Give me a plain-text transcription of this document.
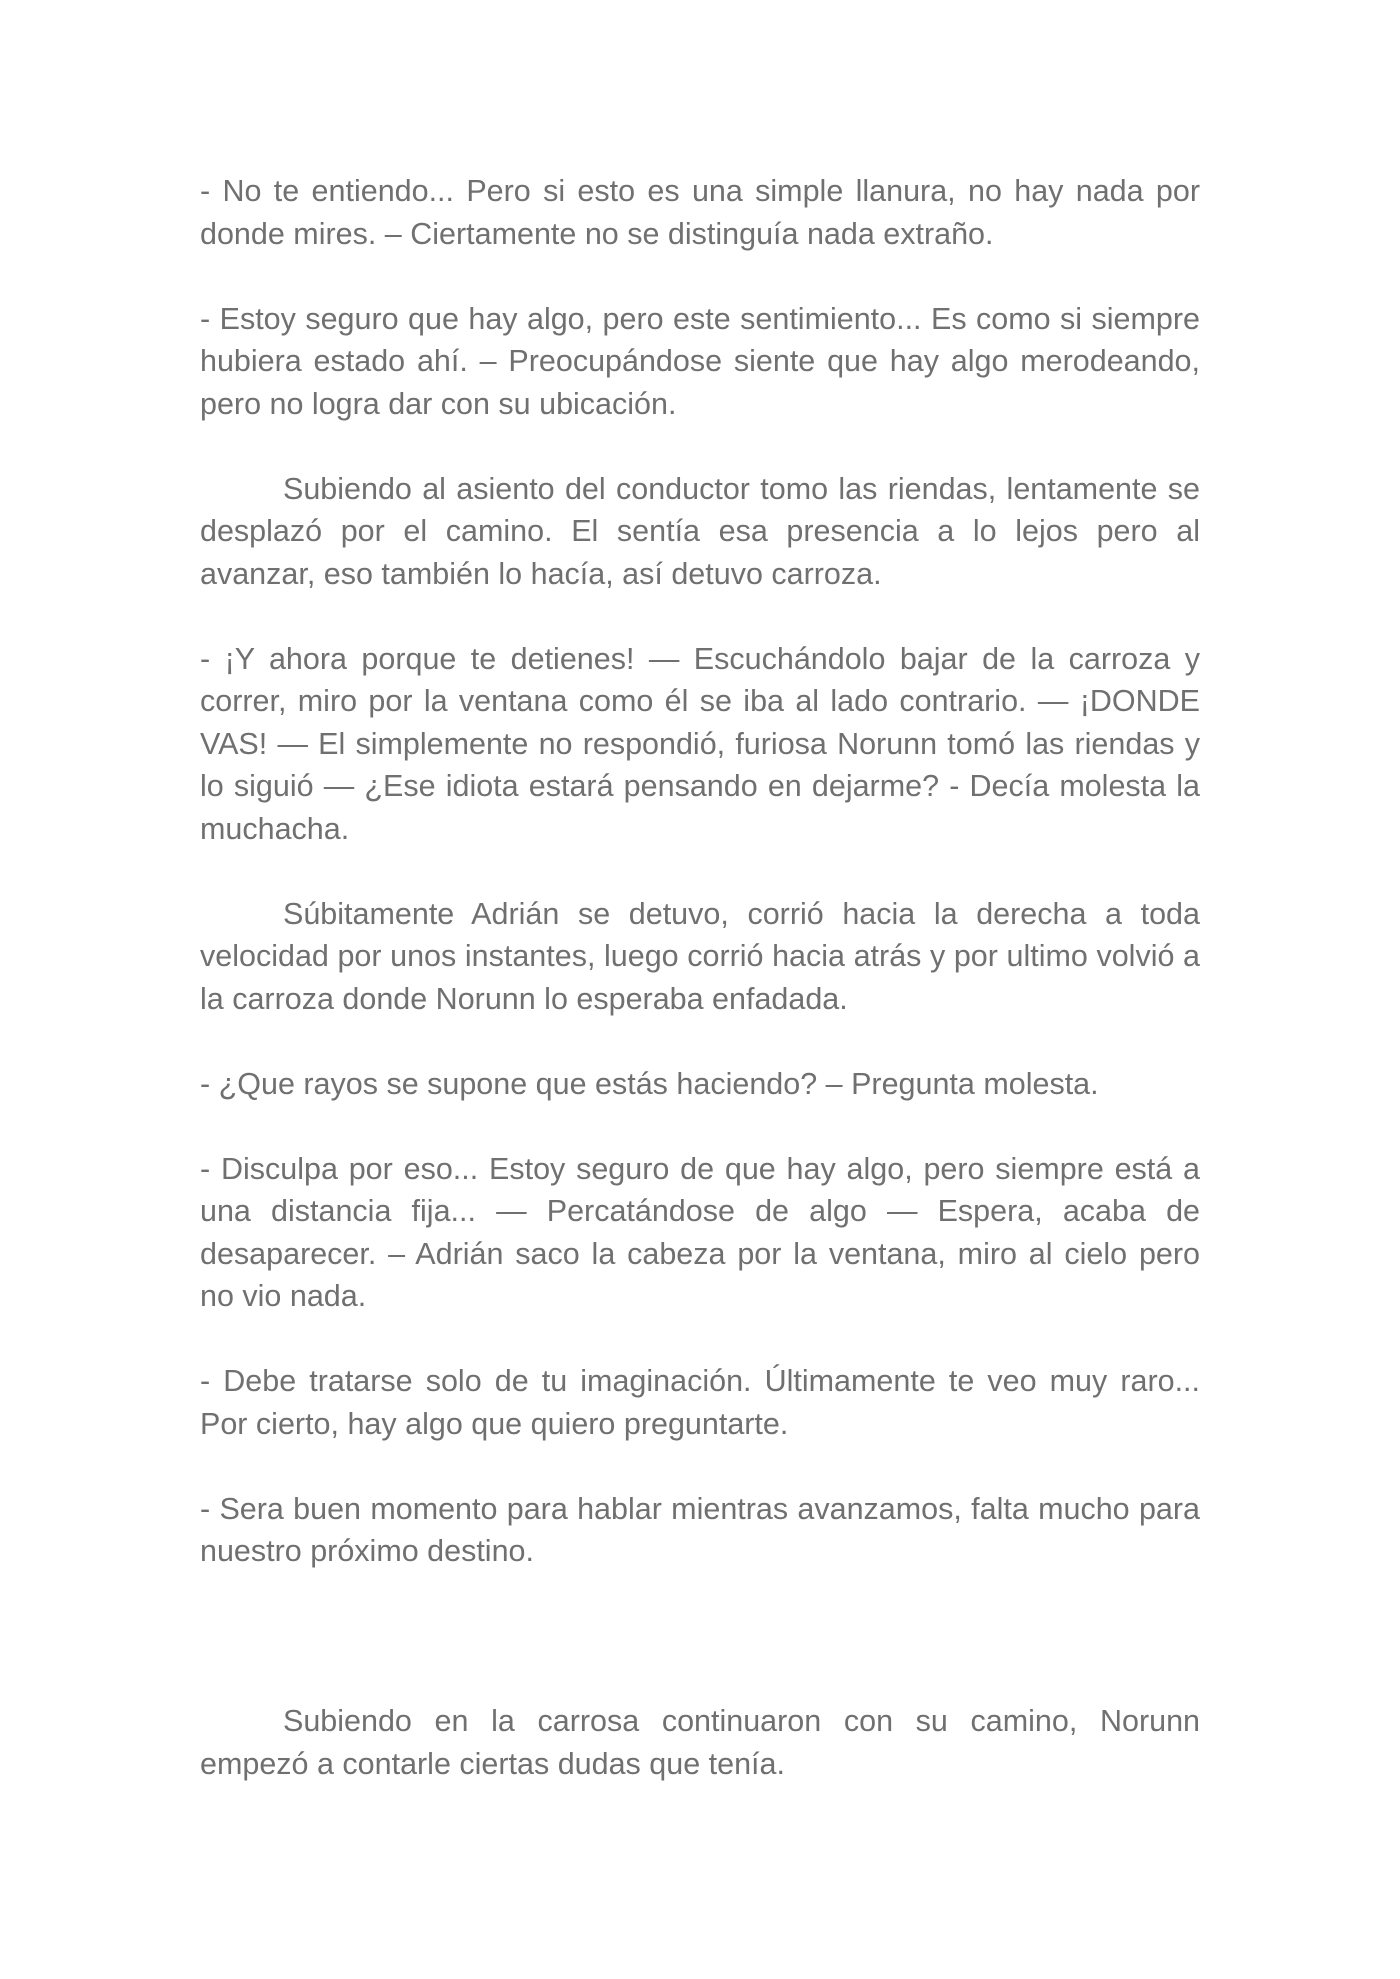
- No te entiendo... Pero si esto es una simple llanura, no hay nada por donde mires. – Ciertamente no se distinguía nada extraño.

- Estoy seguro que hay algo, pero este sentimiento... Es como si siempre hubiera estado ahí. – Preocupándose siente que hay algo merodeando, pero no logra dar con su ubicación.

Subiendo al asiento del conductor tomo las riendas, lentamente se desplazó por el camino. El sentía esa presencia a lo lejos pero al avanzar, eso también lo hacía, así detuvo carroza.

- ¡Y ahora porque te detienes! — Escuchándolo bajar de la carroza y correr, miro por la ventana como él se iba al lado contrario. — ¡DONDE VAS! — El simplemente no respondió, furiosa Norunn tomó las riendas y lo siguió — ¿Ese idiota estará pensando en dejarme? - Decía molesta la muchacha.

Súbitamente Adrián se detuvo, corrió hacia la derecha a toda velocidad por unos instantes, luego corrió hacia atrás y por ultimo volvió a la carroza donde Norunn lo esperaba enfadada.

- ¿Que rayos se supone que estás haciendo? – Pregunta molesta.

- Disculpa por eso... Estoy seguro de que hay algo, pero siempre está a una distancia fija... — Percatándose de algo — Espera, acaba de desaparecer. – Adrián saco la cabeza por la ventana, miro al cielo pero no vio nada.

- Debe tratarse solo de tu imaginación. Últimamente te veo muy raro... Por cierto, hay algo que quiero preguntarte.

- Sera buen momento para hablar mientras avanzamos, falta mucho para nuestro próximo destino.

Subiendo en la carrosa continuaron con su camino, Norunn empezó a contarle ciertas dudas que tenía.
